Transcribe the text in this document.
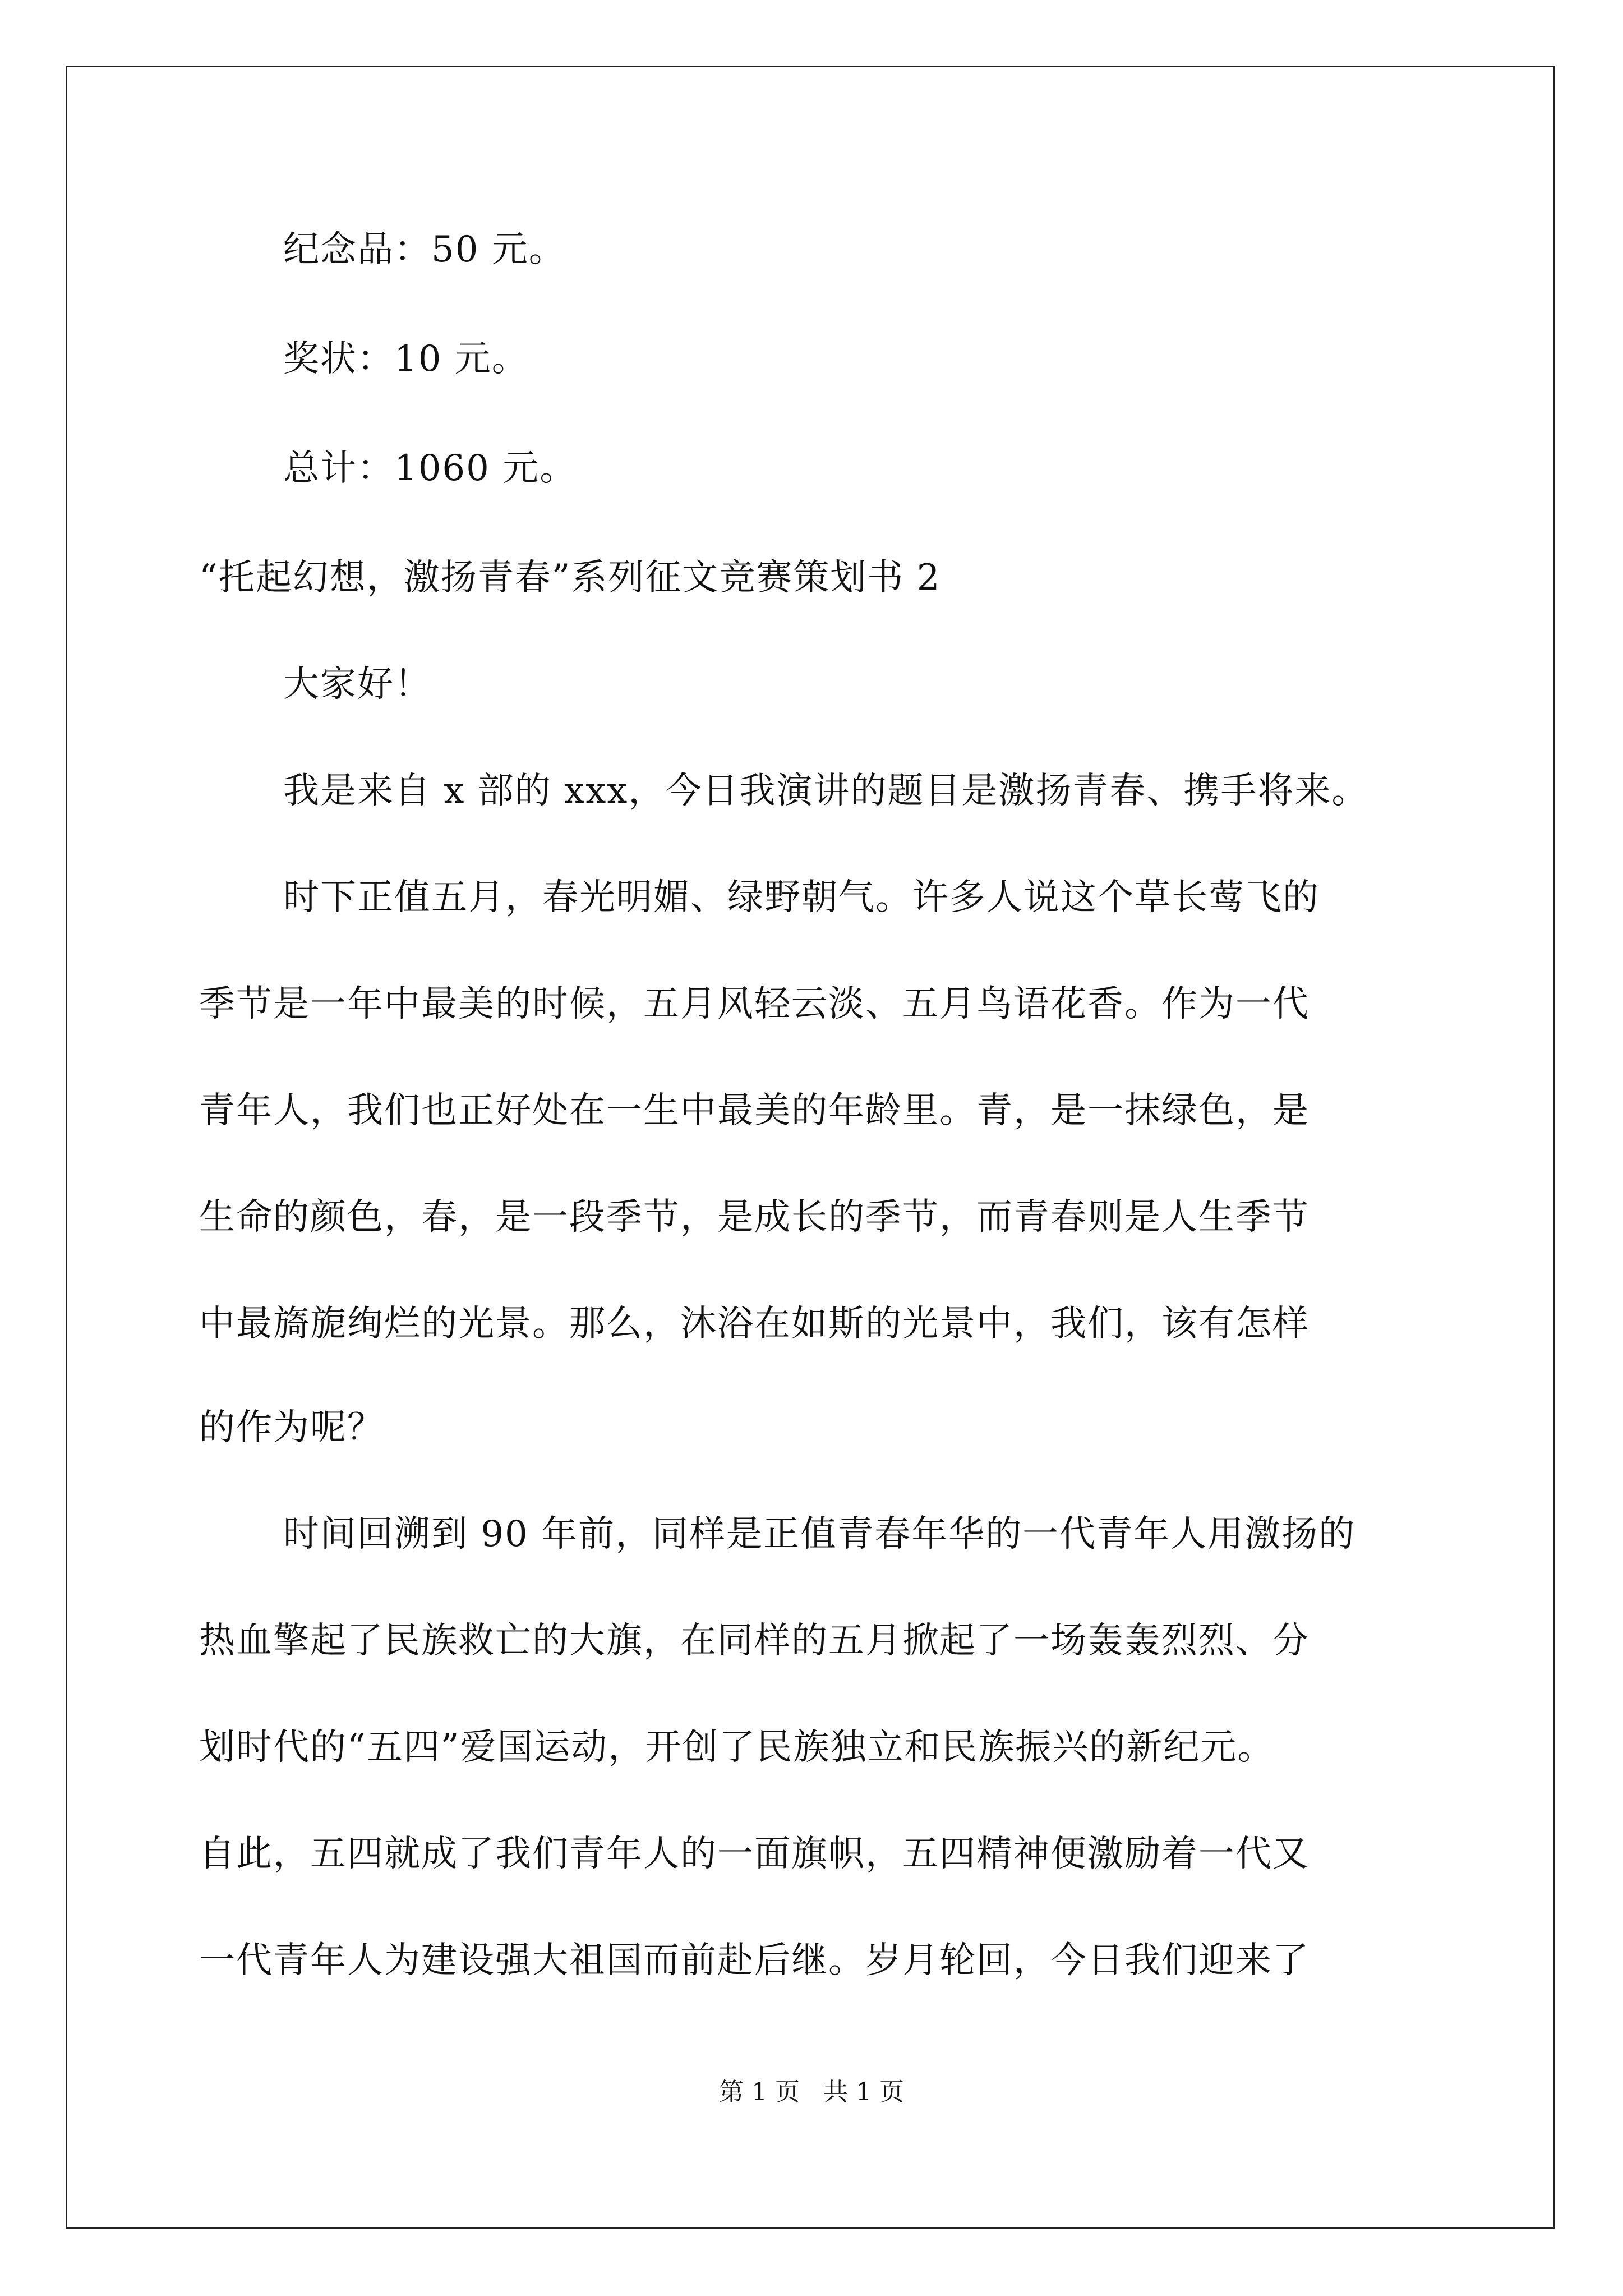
纪念品：50 元。
奖状：10 元。
总计：1060 元。
“托起幻想，激扬青春”系列征文竞赛策划书 2
大家好！
我是来自 x 部的 xxx，今日我演讲的题目是激扬青春、携手将来。
时下正值五月，春光明媚、绿野朝气。许多人说这个草长莺飞的
季节是一年中最美的时候，五月风轻云淡、五月鸟语花香。作为一代
青年人，我们也正好处在一生中最美的年龄里。青，是一抹绿色，是
生命的颜色，春，是一段季节，是成长的季节，而青春则是人生季节
中最旖旎绚烂的光景。那么，沐浴在如斯的光景中，我们，该有怎样
的作为呢？
时间回溯到 90 年前，同样是正值青春年华的一代青年人用激扬的
热血擎起了民族救亡的大旗，在同样的五月掀起了一场轰轰烈烈、分
划时代的“五四”爱国运动，开创了民族独立和民族振兴的新纪元。
自此，五四就成了我们青年人的一面旗帜，五四精神便激励着一代又
一代青年人为建设强大祖国而前赴后继。岁月轮回，今日我们迎来了
第 1 页   共 1 页
